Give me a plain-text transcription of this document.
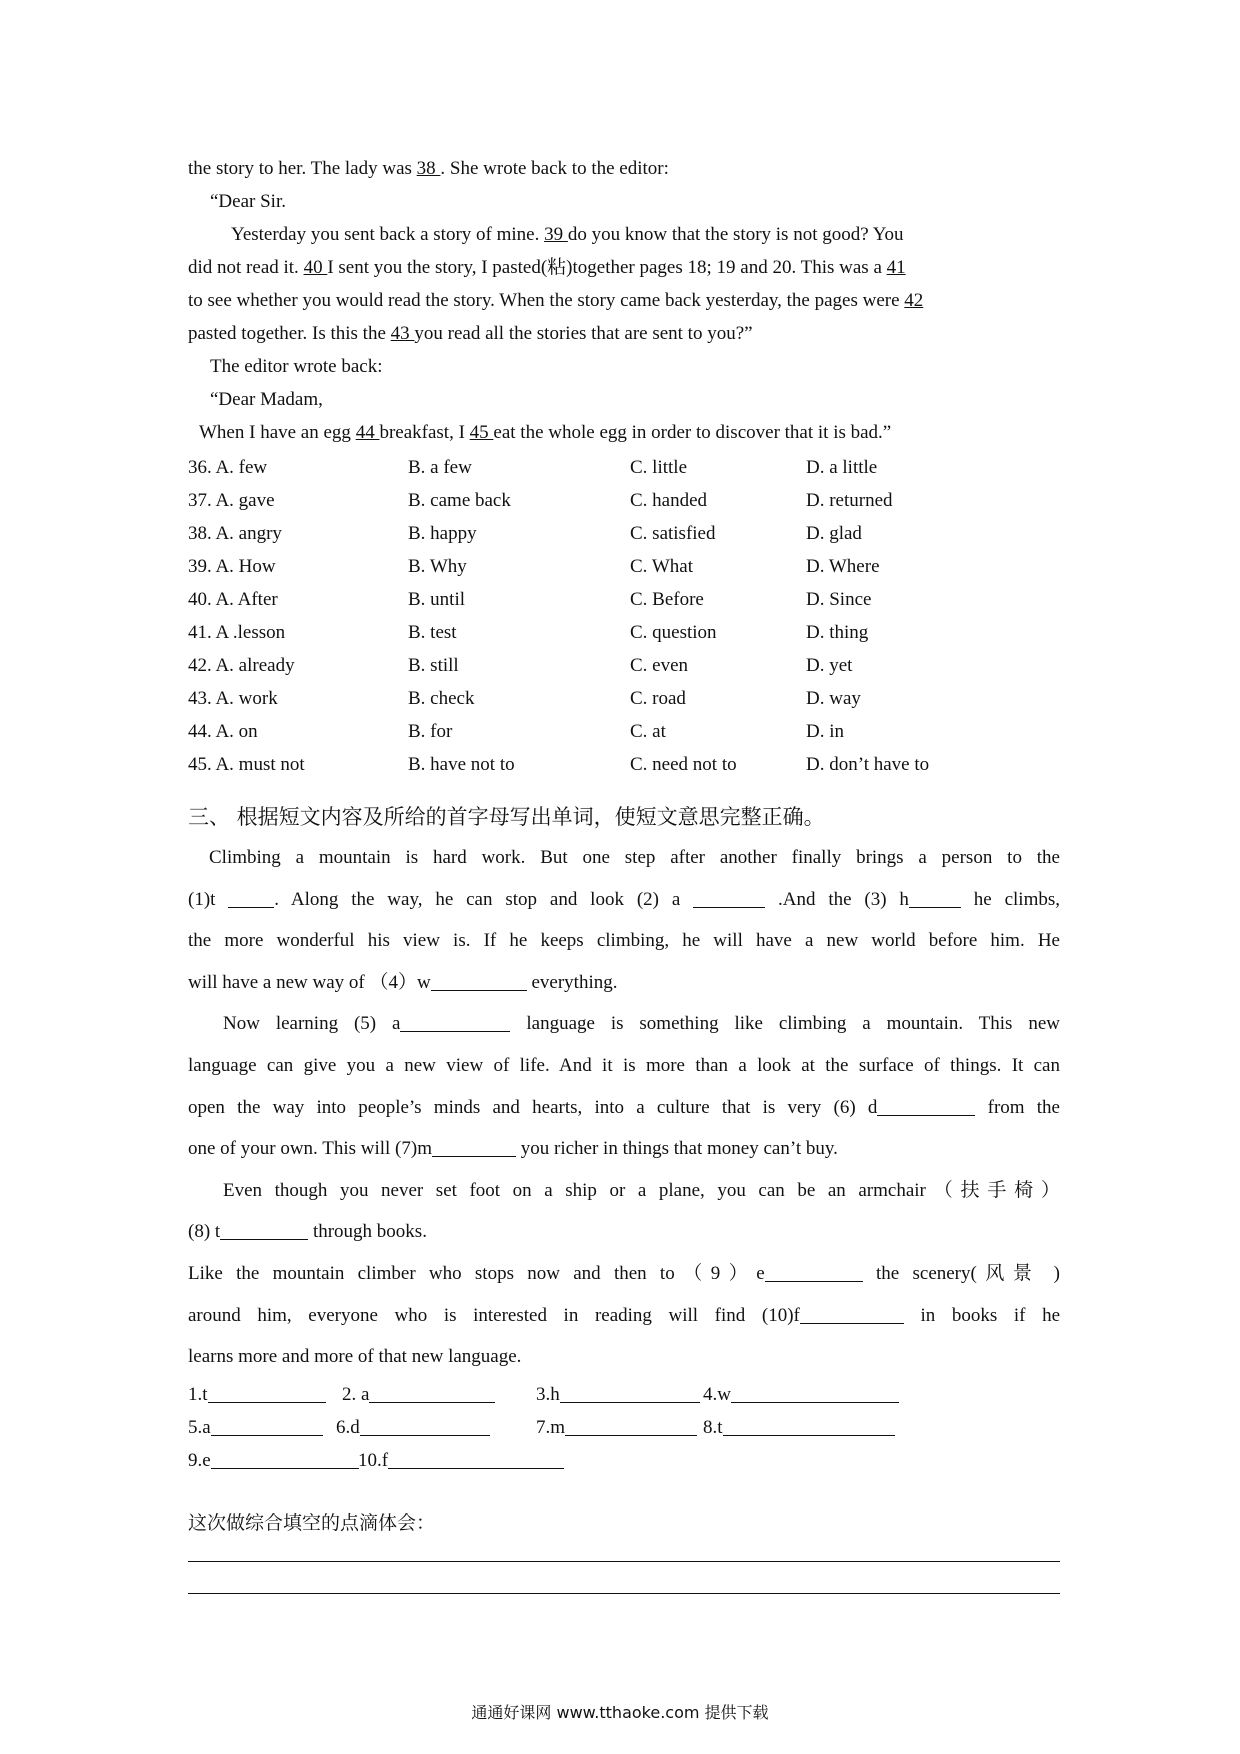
the story to her. The lady was 38 . She wrote back to the editor:
“Dear Sir.
Yesterday you sent back a story of mine. 39 do you know that the story is not good? You
did not read it. 40 I sent you the story, I pasted(粘)together pages 18; 19 and 20. This was a 41
to see whether you would read the story. When the story came back yesterday, the pages were 42
pasted together. Is this the 43 you read all the stories that are sent to you?”
The editor wrote back:
“Dear Madam,
When I have an egg 44 breakfast, I 45 eat the whole egg in order to discover that it is bad.”
36. A. few	B. a few	C. little	D. a little
37. A. gave	B. came back	C. handed	D. returned
38. A. angry	B. happy	C. satisfied	D. glad
39. A. How	B. Why	C. What	D. Where
40. A. After	B. until	C. Before	D. Since
41. A .lesson	B. test	C. question	D. thing
42. A. already	B. still	C. even	D. yet
43. A. work	B. check	C. road	D. way
44. A. on	B. for	C. at	D. in
45. A. must not	B. have not to	C. need not to	D. don’t have to
三、 根据短文内容及所给的首字母写出单词，使短文意思完整正确。
Climbing a mountain is hard work. But one step after another finally brings a person to the
(1)t . Along the way, he can stop and look (2) a	.And the (3) h	he climbs,
the more wonderful his view is. If he keeps climbing, he will have a new world before him. He
will have a new way of （4）w	everything.
Now learning (5) a	language is something like climbing a mountain. This new
language can give you a new view of life. And it is more than a look at the surface of things. It can
open the way into people’s minds and hearts, into a culture that is very (6) d	from the
one of your own. This will (7)m	you richer in things that money can’t buy.
Even though you never set foot on a ship or a plane, you can be an armchair（扶手椅）
(8) t	through books.
Like the mountain climber who stops now and then to（9）e	the scenery(风景 )
around him, everyone who is interested in reading will find (10)f	in books if he
learns more and more of that new language.
1.t	2. a	3.h	4.w
5.a	6.d	7.m	8.t
9.e	10.f
这次做综合填空的点滴体会：
通通好课网 www.tthaoke.com 提供下载
